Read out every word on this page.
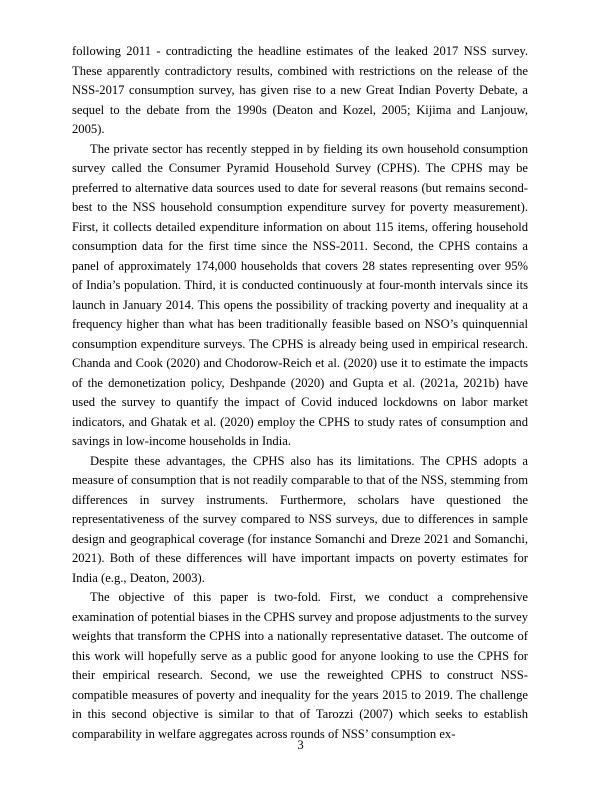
following 2011 - contradicting the headline estimates of the leaked 2017 NSS survey. These apparently contradictory results, combined with restrictions on the release of the NSS-2017 consumption survey, has given rise to a new Great Indian Poverty Debate, a sequel to the debate from the 1990s (Deaton and Kozel, 2005; Kijima and Lanjouw, 2005).

The private sector has recently stepped in by fielding its own household consumption survey called the Consumer Pyramid Household Survey (CPHS). The CPHS may be preferred to alternative data sources used to date for several reasons (but remains second-best to the NSS household consumption expenditure survey for poverty measurement). First, it collects detailed expenditure information on about 115 items, offering household consumption data for the first time since the NSS-2011. Second, the CPHS contains a panel of approximately 174,000 households that covers 28 states representing over 95% of India’s population. Third, it is conducted continuously at four-month intervals since its launch in January 2014. This opens the possibility of tracking poverty and inequality at a frequency higher than what has been traditionally feasible based on NSO’s quinquennial consumption expenditure surveys. The CPHS is already being used in empirical research. Chanda and Cook (2020) and Chodorow-Reich et al. (2020) use it to estimate the impacts of the demonetization policy, Deshpande (2020) and Gupta et al. (2021a, 2021b) have used the survey to quantify the impact of Covid induced lockdowns on labor market indicators, and Ghatak et al. (2020) employ the CPHS to study rates of consumption and savings in low-income households in India.

Despite these advantages, the CPHS also has its limitations. The CPHS adopts a measure of consumption that is not readily comparable to that of the NSS, stemming from differences in survey instruments. Furthermore, scholars have questioned the representativeness of the survey compared to NSS surveys, due to differences in sample design and geographical coverage (for instance Somanchi and Dreze 2021 and Somanchi, 2021). Both of these differences will have important impacts on poverty estimates for India (e.g., Deaton, 2003).

The objective of this paper is two-fold. First, we conduct a comprehensive examination of potential biases in the CPHS survey and propose adjustments to the survey weights that transform the CPHS into a nationally representative dataset. The outcome of this work will hopefully serve as a public good for anyone looking to use the CPHS for their empirical research. Second, we use the reweighted CPHS to construct NSS-compatible measures of poverty and inequality for the years 2015 to 2019. The challenge in this second objective is similar to that of Tarozzi (2007) which seeks to establish comparability in welfare aggregates across rounds of NSS’ consumption ex-

3
